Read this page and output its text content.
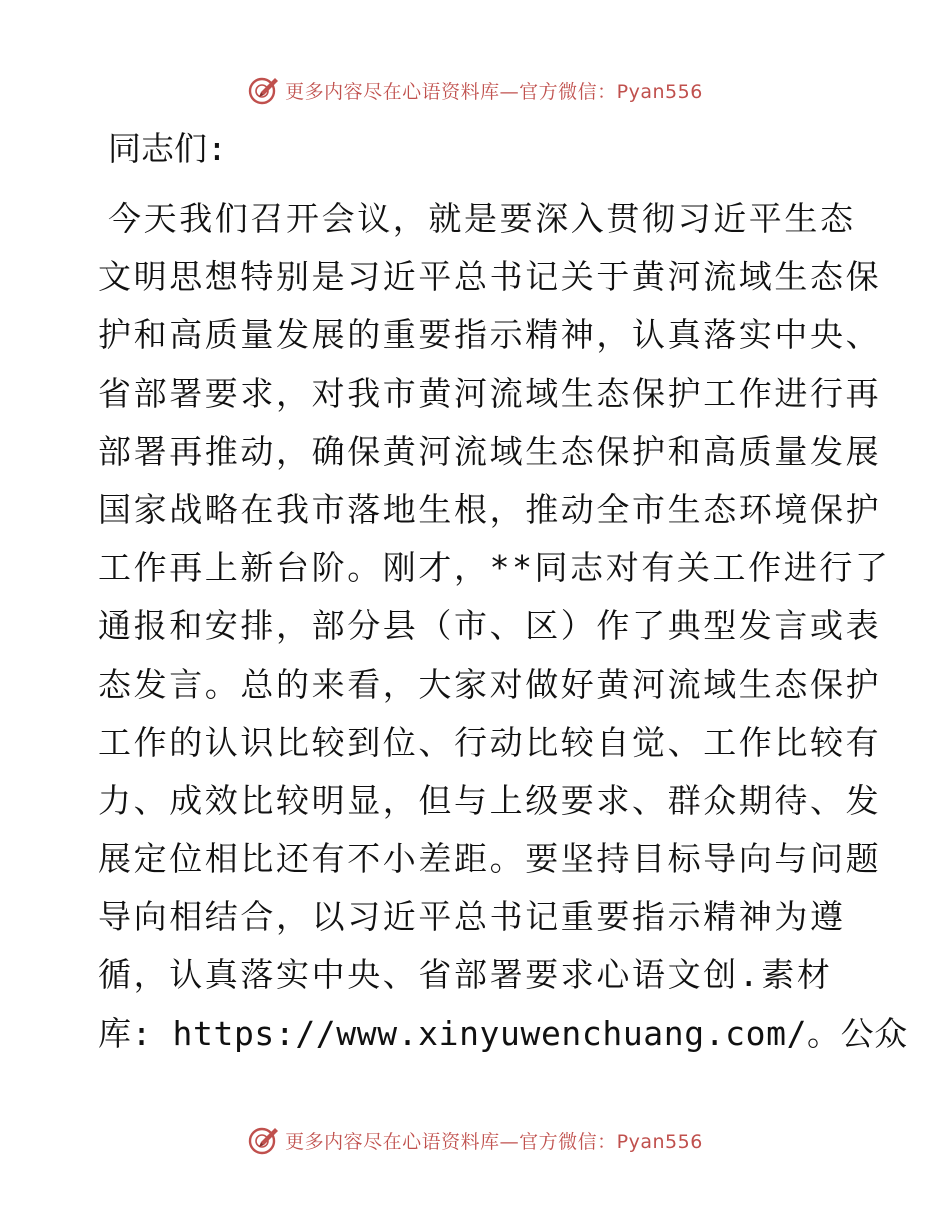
更多内容尽在心语资料库—官方微信：Pyan556
同志们:
今天我们召开会议，就是要深入贯彻习近平生态
文明思想特别是习近平总书记关于黄河流域生态保
护和高质量发展的重要指示精神，认真落实中央、
省部署要求，对我市黄河流域生态保护工作进行再
部署再推动，确保黄河流域生态保护和高质量发展
国家战略在我市落地生根，推动全市生态环境保护
工作再上新台阶。刚才，**同志对有关工作进行了
通报和安排，部分县（市、区）作了典型发言或表
态发言。总的来看，大家对做好黄河流域生态保护
工作的认识比较到位、行动比较自觉、工作比较有
力、成效比较明显，但与上级要求、群众期待、发
展定位相比还有不小差距。要坚持目标导向与问题
导向相结合，以习近平总书记重要指示精神为遵
循，认真落实中央、省部署要求心语文创.素材
库: https://www.xinyuwenchuang.com/。公众
更多内容尽在心语资料库—官方微信：Pyan556
